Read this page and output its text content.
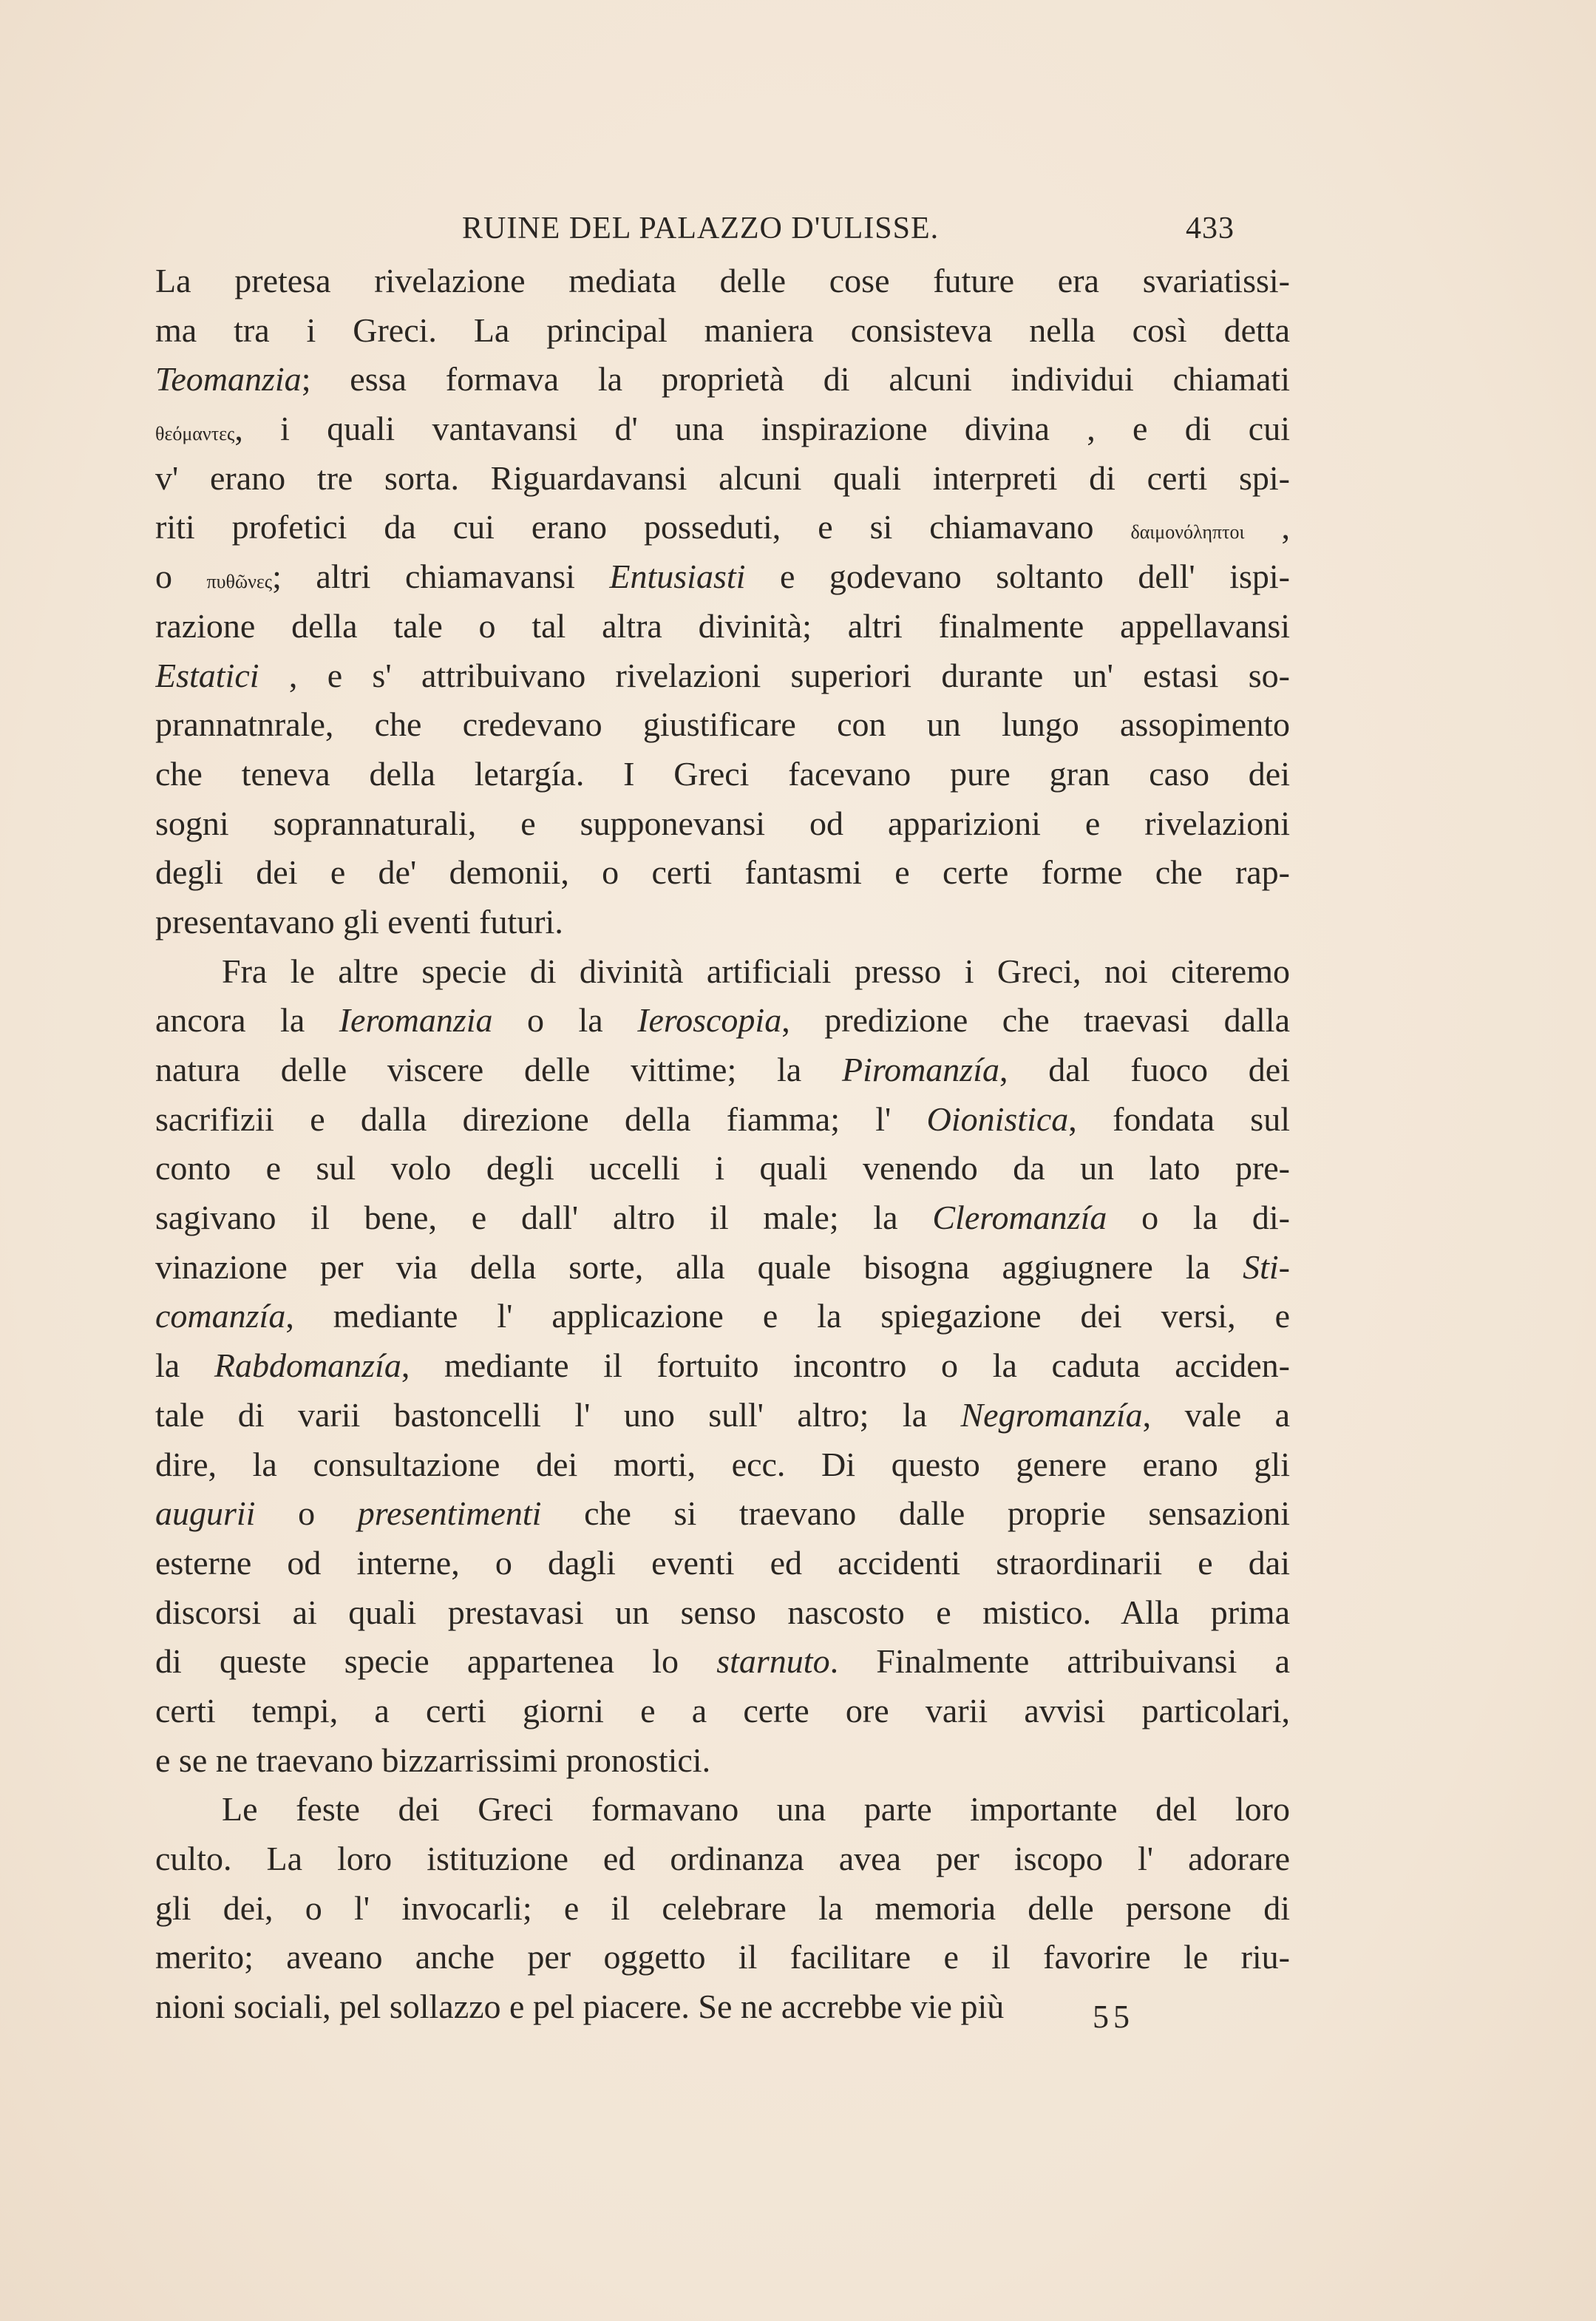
RUINE DEL PALAZZO D'ULISSE.	433
La pretesa rivelazione mediata delle cose future era svariatissi-
ma tra i Greci. La principal maniera consisteva nella così detta
Teomanzia; essa formava la proprietà di alcuni individui chiamati
θεόμαντες, i quali vantavansi d' una inspirazione divina , e di cui
v' erano tre sorta. Riguardavansi alcuni quali interpreti di certi spi-
riti profetici da cui erano posseduti, e si chiamavano δαιμονόληπτοι ,
o πυθῶνες; altri chiamavansi Entusiasti e godevano soltanto dell' ispi-
razione della tale o tal altra divinità; altri finalmente appellavansi
Estatici , e s' attribuivano rivelazioni superiori durante un' estasi so-
prannatnrale, che credevano giustificare con un lungo assopimento
che teneva della letargía. I Greci facevano pure gran caso dei
sogni soprannaturali, e supponevansi od apparizioni e rivelazioni
degli dei e de' demonii, o certi fantasmi e certe forme che rap-
presentavano gli eventi futuri.
Fra le altre specie di divinità artificiali presso i Greci, noi citeremo
ancora la Ieromanzia o la Ieroscopia, predizione che traevasi dalla
natura delle viscere delle vittime; la Piromanzía, dal fuoco dei
sacrifizii e dalla direzione della fiamma; l' Oionistica, fondata sul
conto e sul volo degli uccelli i quali venendo da un lato pre-
sagivano il bene, e dall' altro il male; la Cleromanzía o la di-
vinazione per via della sorte, alla quale bisogna aggiugnere la Sti-
comanzía, mediante l' applicazione e la spiegazione dei versi, e
la Rabdomanzía, mediante il fortuito incontro o la caduta acciden-
tale di varii bastoncelli l' uno sull' altro; la Negromanzía, vale a
dire, la consultazione dei morti, ecc. Di questo genere erano gli
augurii o presentimenti che si traevano dalle proprie sensazioni
esterne od interne, o dagli eventi ed accidenti straordinarii e dai
discorsi ai quali prestavasi un senso nascosto e mistico. Alla prima
di queste specie appartenea lo starnuto. Finalmente attribuivansi a
certi tempi, a certi giorni e a certe ore varii avvisi particolari,
e se ne traevano bizzarrissimi pronostici.
Le feste dei Greci formavano una parte importante del loro
culto. La loro istituzione ed ordinanza avea per iscopo l' adorare
gli dei, o l' invocarli; e il celebrare la memoria delle persone di
merito; aveano anche per oggetto il facilitare e il favorire le riu-
nioni sociali, pel sollazzo e pel piacere. Se ne accrebbe vie più	55
